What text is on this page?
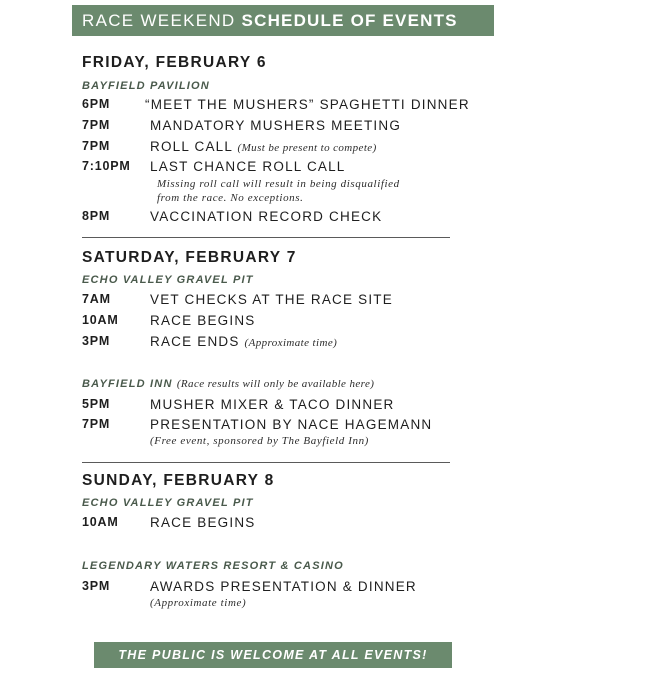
RACE WEEKEND SCHEDULE OF EVENTS
FRIDAY, FEBRUARY 6
BAYFIELD PAVILION
6PM	“MEET THE MUSHERS” SPAGHETTI DINNER
7PM	MANDATORY MUSHERS MEETING
7PM	ROLL CALL (Must be present to compete)
7:10PM LAST CHANCE ROLL CALL
Missing roll call will result in being disqualified
from the race. No exceptions.
8PM	VACCINATION RECORD CHECK
SATURDAY, FEBRUARY 7
ECHO VALLEY GRAVEL PIT
7AM	VET CHECKS AT THE RACE SITE
10AM RACE BEGINS
3PM	RACE ENDS (Approximate time)
BAYFIELD INN (Race results will only be available here)
5PM	MUSHER MIXER & TACO DINNER
7PM	PRESENTATION BY NACE HAGEMANN
(Free event, sponsored by The Bayfield Inn)
SUNDAY, FEBRUARY 8
ECHO VALLEY GRAVEL PIT
10AM RACE BEGINS
LEGENDARY WATERS RESORT & CASINO
3PM	AWARDS PRESENTATION & DINNER
(Approximate time)
THE PUBLIC IS WELCOME AT ALL EVENTS!
